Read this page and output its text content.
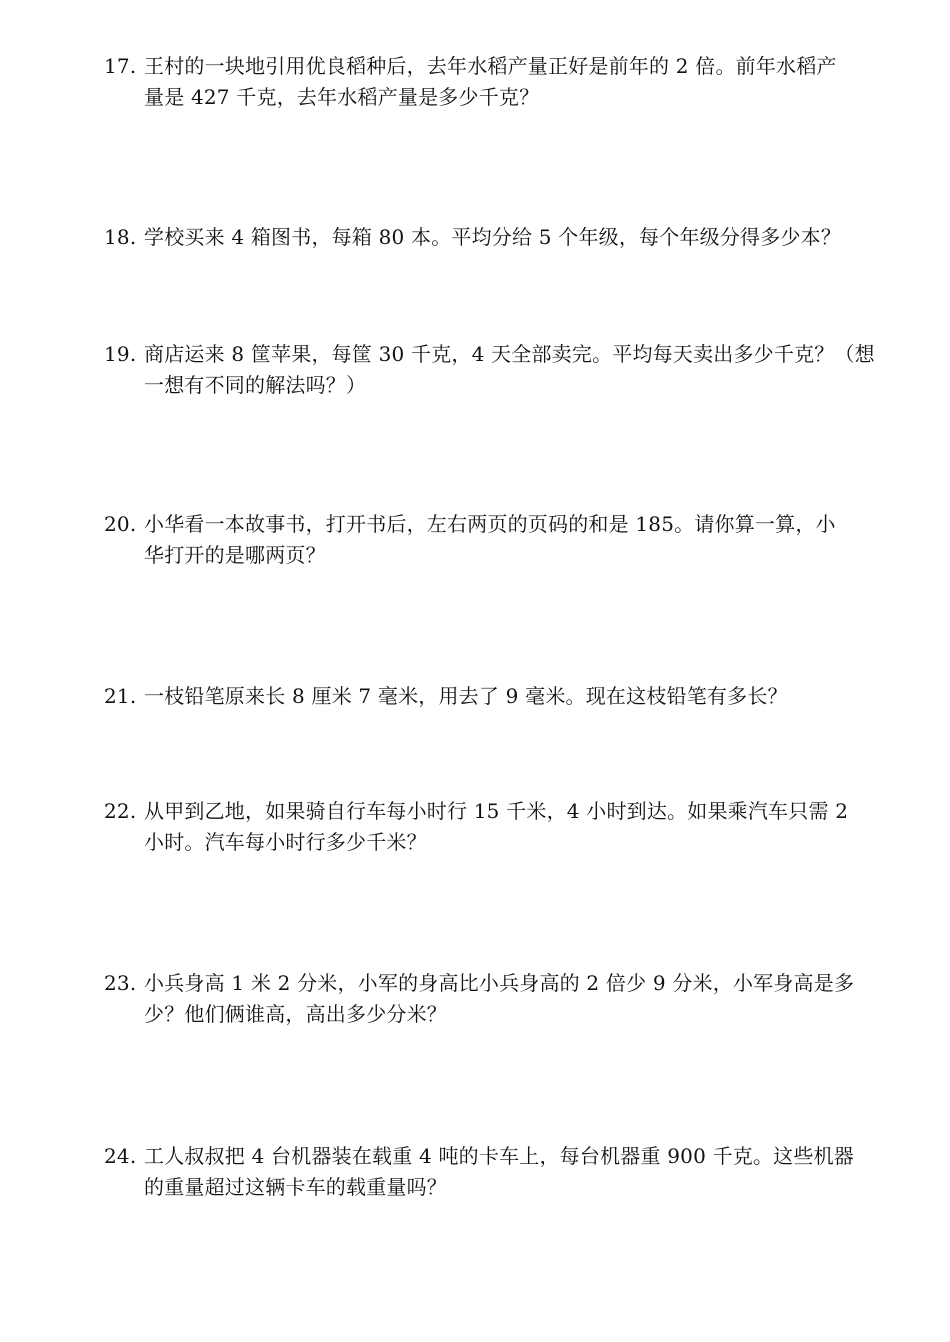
17. 王村的一块地引用优良稻种后，去年水稻产量正好是前年的 2 倍。前年水稻产
量是 427 千克，去年水稻产量是多少千克？
18. 学校买来 4 箱图书，每箱 80 本。平均分给 5 个年级，每个年级分得多少本？
19. 商店运来 8 筐苹果，每筐 30 千克，4 天全部卖完。平均每天卖出多少千克？（想
一想有不同的解法吗？）
20. 小华看一本故事书，打开书后，左右两页的页码的和是 185。请你算一算，小
华打开的是哪两页？
21. 一枝铅笔原来长 8 厘米 7 毫米，用去了 9 毫米。现在这枝铅笔有多长？
22. 从甲到乙地，如果骑自行车每小时行 15 千米，4 小时到达。如果乘汽车只需 2
小时。汽车每小时行多少千米？
23. 小兵身高 1 米 2 分米，小军的身高比小兵身高的 2 倍少 9 分米，小军身高是多
少？他们俩谁高，高出多少分米？
24. 工人叔叔把 4 台机器装在载重 4 吨的卡车上，每台机器重 900 千克。这些机器
的重量超过这辆卡车的载重量吗？
